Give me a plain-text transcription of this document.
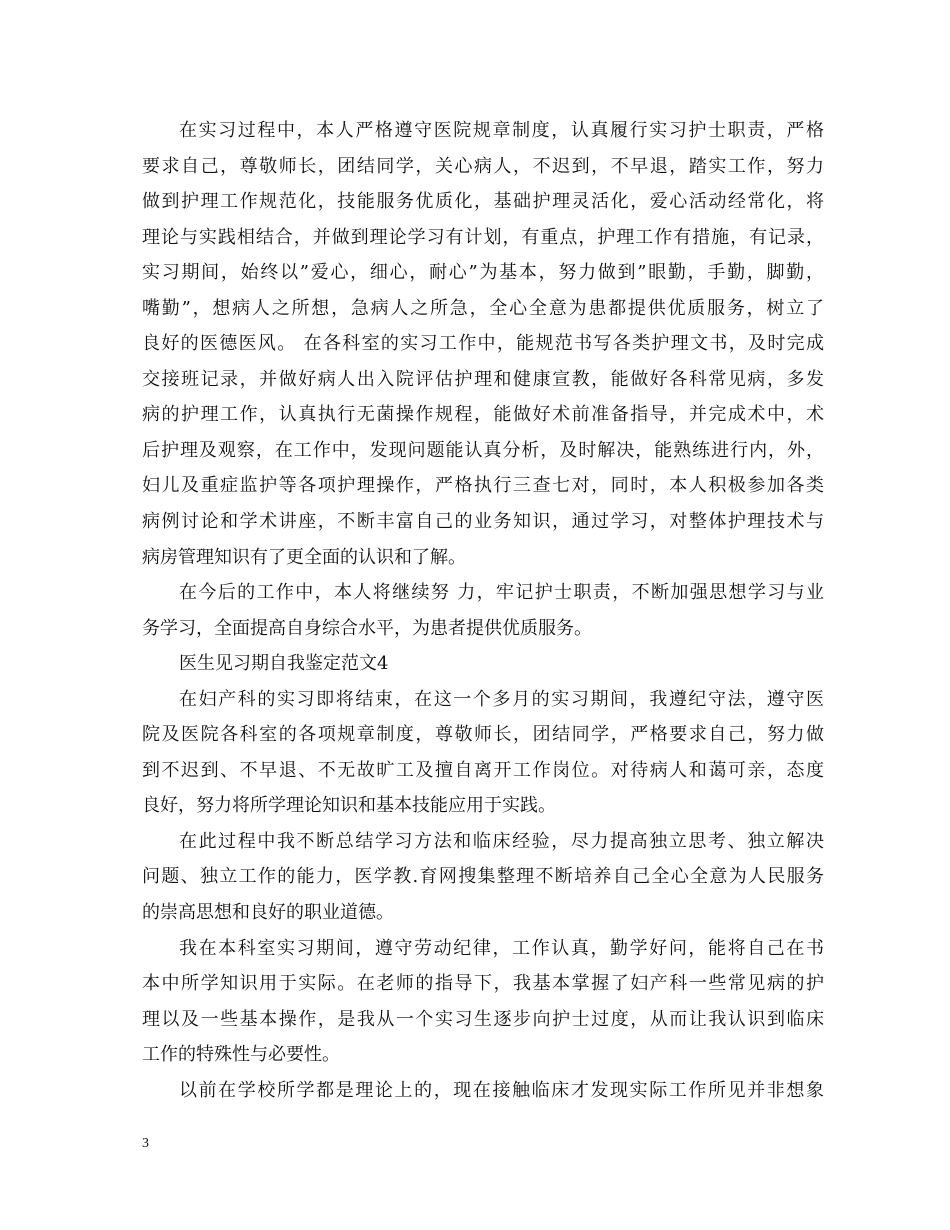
在实习过程中，本人严格遵守医院规章制度，认真履行实习护士职责，严格
要求自己，尊敬师长，团结同学，关心病人，不迟到，不早退，踏实工作，努力
做到护理工作规范化，技能服务优质化，基础护理灵活化，爱心活动经常化，将
理论与实践相结合，并做到理论学习有计划，有重点，护理工作有措施，有记录，
实习期间，始终以”爱心，细心，耐心”为基本，努力做到”眼勤，手勤，脚勤，
嘴勤”，想病人之所想，急病人之所急，全心全意为患都提供优质服务，树立了
良好的医德医风。 在各科室的实习工作中，能规范书写各类护理文书，及时完成
交接班记录，并做好病人出入院评估护理和健康宣教，能做好各科常见病，多发
病的护理工作，认真执行无菌操作规程，能做好术前准备指导，并完成术中，术
后护理及观察，在工作中，发现问题能认真分析，及时解决，能熟练进行内，外，
妇儿及重症监护等各项护理操作，严格执行三查七对，同时，本人积极参加各类
病例讨论和学术讲座，不断丰富自己的业务知识，通过学习，对整体护理技术与
病房管理知识有了更全面的认识和了解。
在今后的工作中，本人将继续努 力，牢记护士职责，不断加强思想学习与业
务学习，全面提高自身综合水平，为患者提供优质服务。
医生见习期自我鉴定范文4
在妇产科的实习即将结束，在这一个多月的实习期间，我遵纪守法，遵守医
院及医院各科室的各项规章制度，尊敬师长，团结同学，严格要求自己，努力做
到不迟到、不早退、不无故旷工及擅自离开工作岗位。对待病人和蔼可亲，态度
良好，努力将所学理论知识和基本技能应用于实践。
在此过程中我不断总结学习方法和临床经验，尽力提高独立思考、独立解决
问题、独立工作的能力，医学教.育网搜集整理不断培养自己全心全意为人民服务
的崇高思想和良好的职业道德。
我在本科室实习期间，遵守劳动纪律，工作认真，勤学好问，能将自己在书
本中所学知识用于实际。在老师的指导下，我基本掌握了妇产科一些常见病的护
理以及一些基本操作，是我从一个实习生逐步向护士过度，从而让我认识到临床
工作的特殊性与必要性。
以前在学校所学都是理论上的，现在接触临床才发现实际工作所见并非想象
3
